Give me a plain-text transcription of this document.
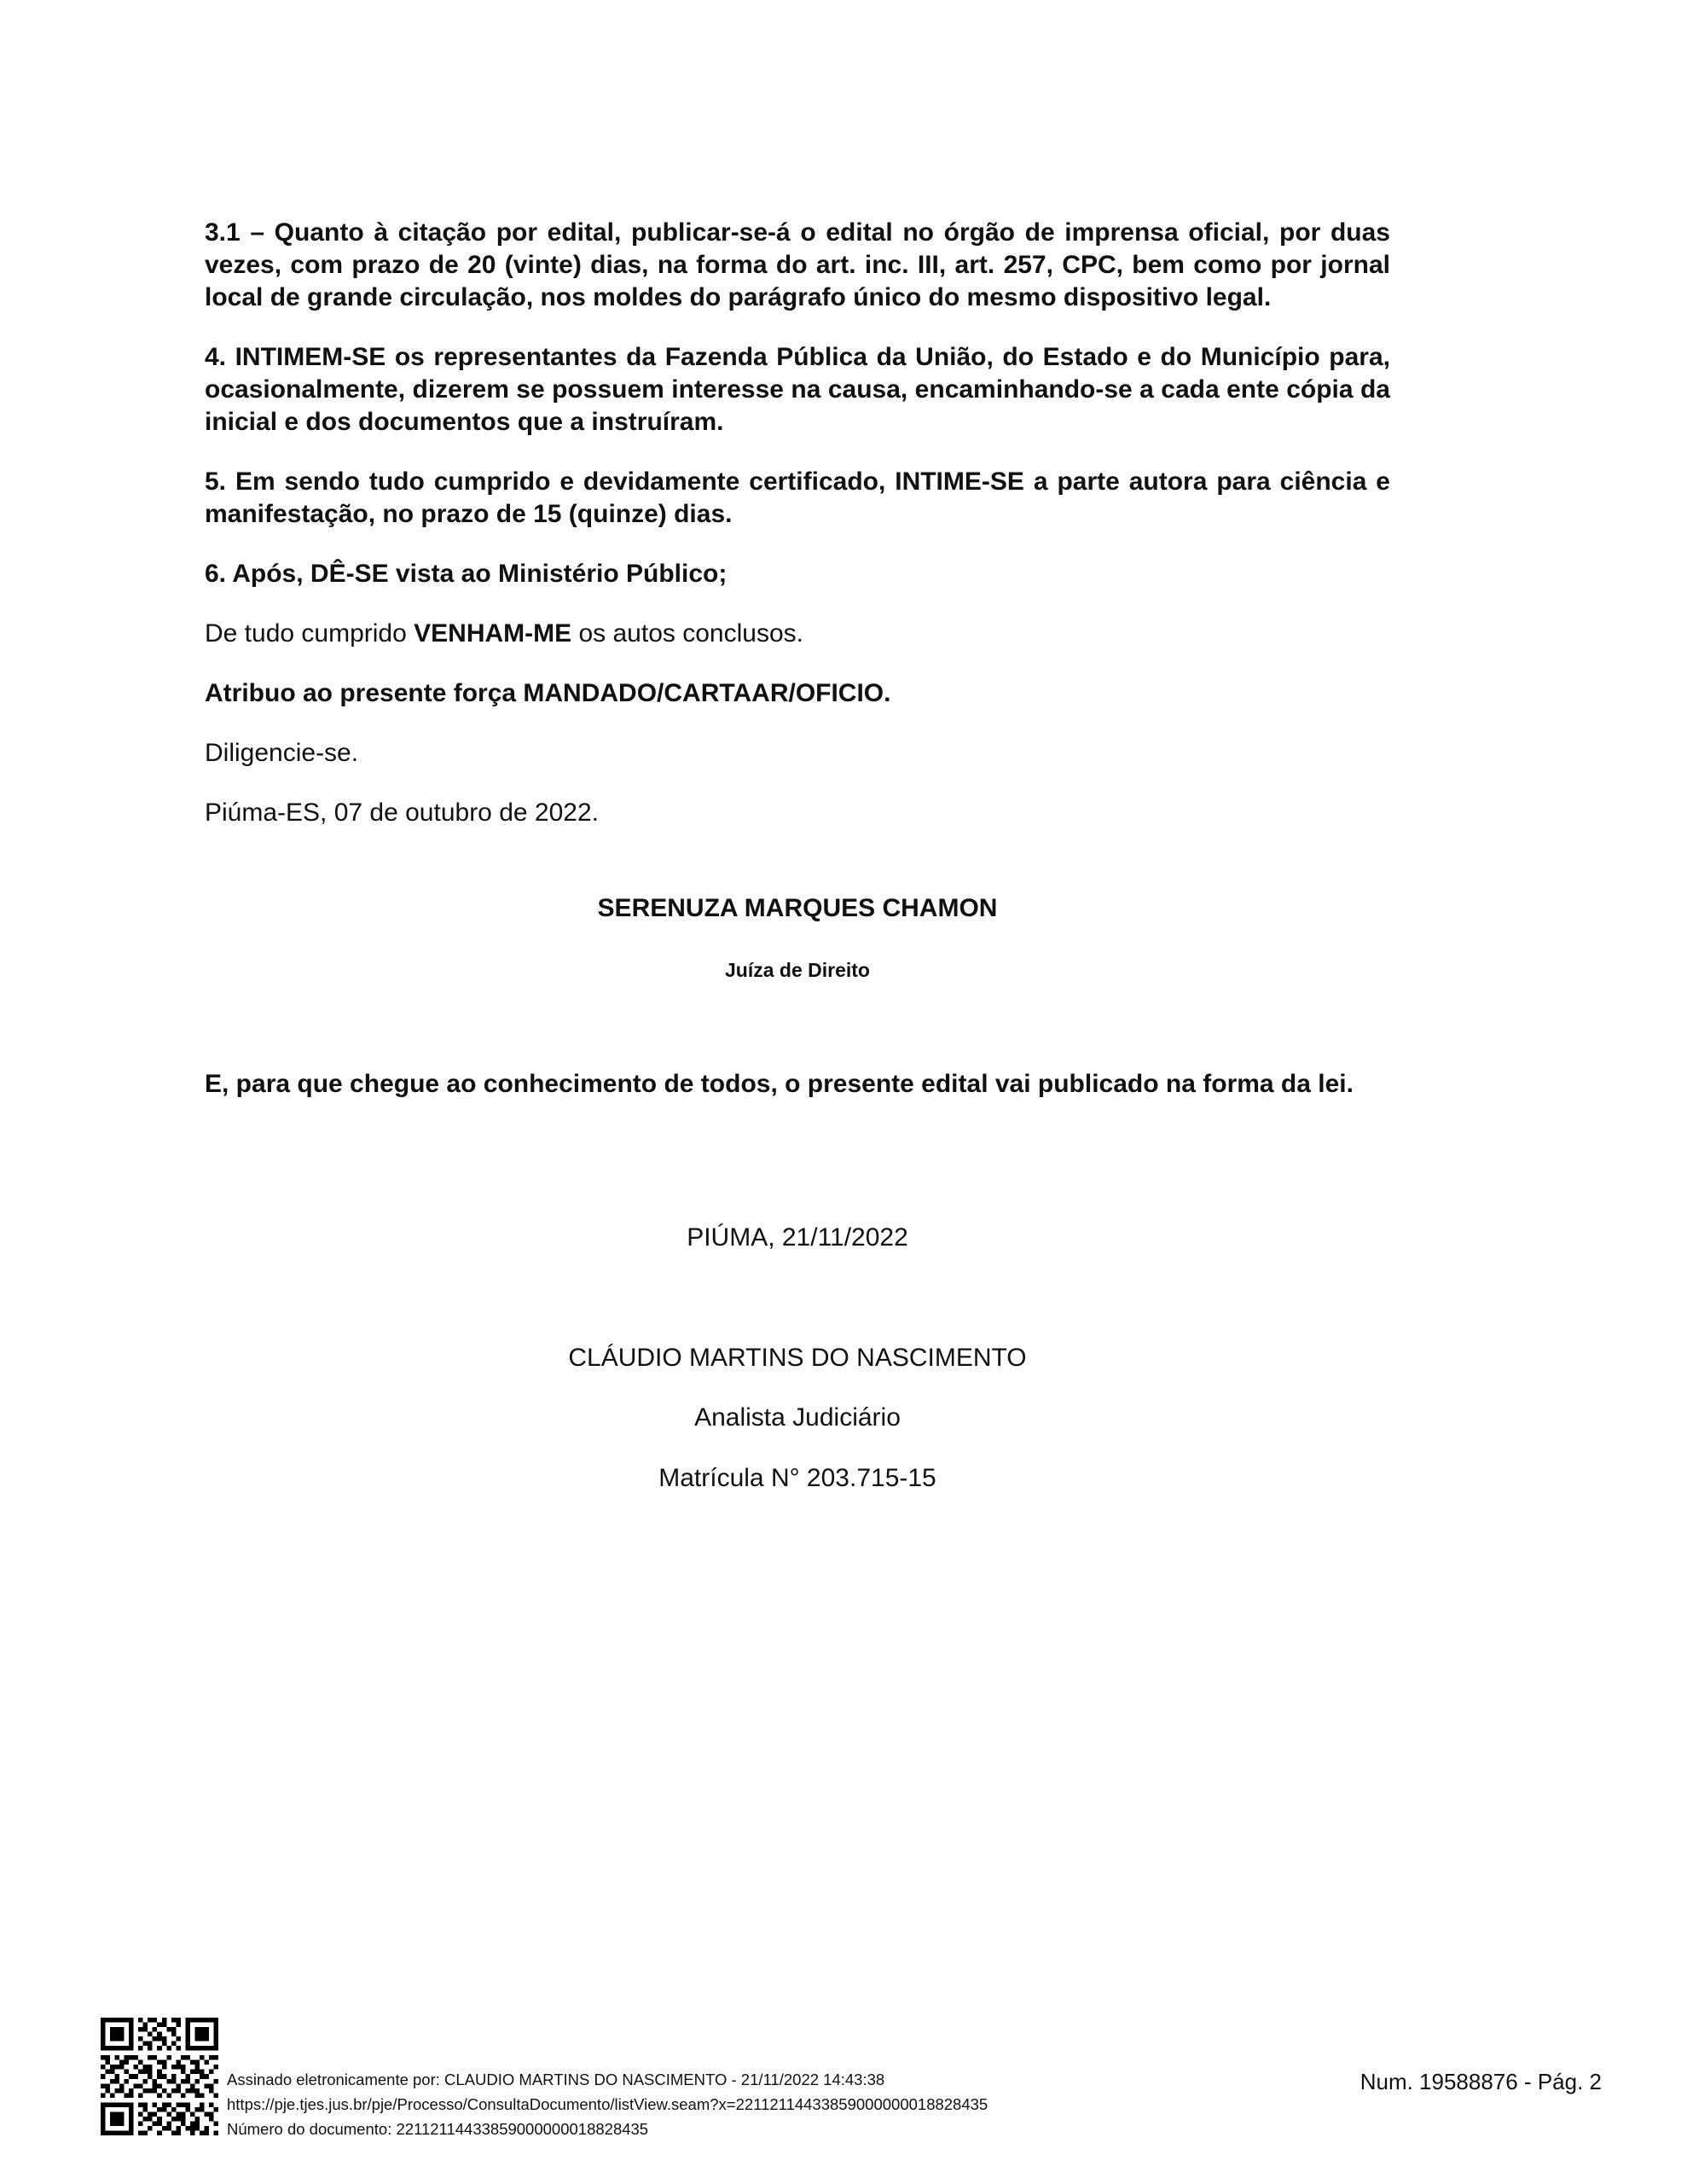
3.1 – Quanto à citação por edital, publicar-se-á o edital no órgão de imprensa oficial, por duas vezes, com prazo de 20 (vinte) dias, na forma do art. inc. III, art. 257, CPC, bem como por jornal local de grande circulação, nos moldes do parágrafo único do mesmo dispositivo legal.

4. INTIMEM-SE os representantes da Fazenda Pública da União, do Estado e do Município para, ocasionalmente, dizerem se possuem interesse na causa, encaminhando-se a cada ente cópia da inicial e dos documentos que a instruíram.

5. Em sendo tudo cumprido e devidamente certificado, INTIME-SE a parte autora para ciência e manifestação, no prazo de 15 (quinze) dias.

6. Após, DÊ-SE vista ao Ministério Público;

De tudo cumprido VENHAM-ME os autos conclusos.

Atribuo ao presente força MANDADO/CARTAAR/OFICIO.

Diligencie-se.

Piúma-ES, 07 de outubro de 2022.

SERENUZA MARQUES CHAMON
Juíza de Direito
E, para que chegue ao conhecimento de todos, o presente edital vai publicado na forma da lei.
PIÚMA, 21/11/2022
CLÁUDIO MARTINS DO NASCIMENTO
Analista Judiciário
Matrícula N° 203.715-15
Assinado eletronicamente por: CLAUDIO MARTINS DO NASCIMENTO - 21/11/2022 14:43:38
https://pje.tjes.jus.br/pje/Processo/ConsultaDocumento/listView.seam?x=22112114433859000000018828435
Número do documento: 22112114433859000000018828435
Num. 19588876 - Pág. 2
